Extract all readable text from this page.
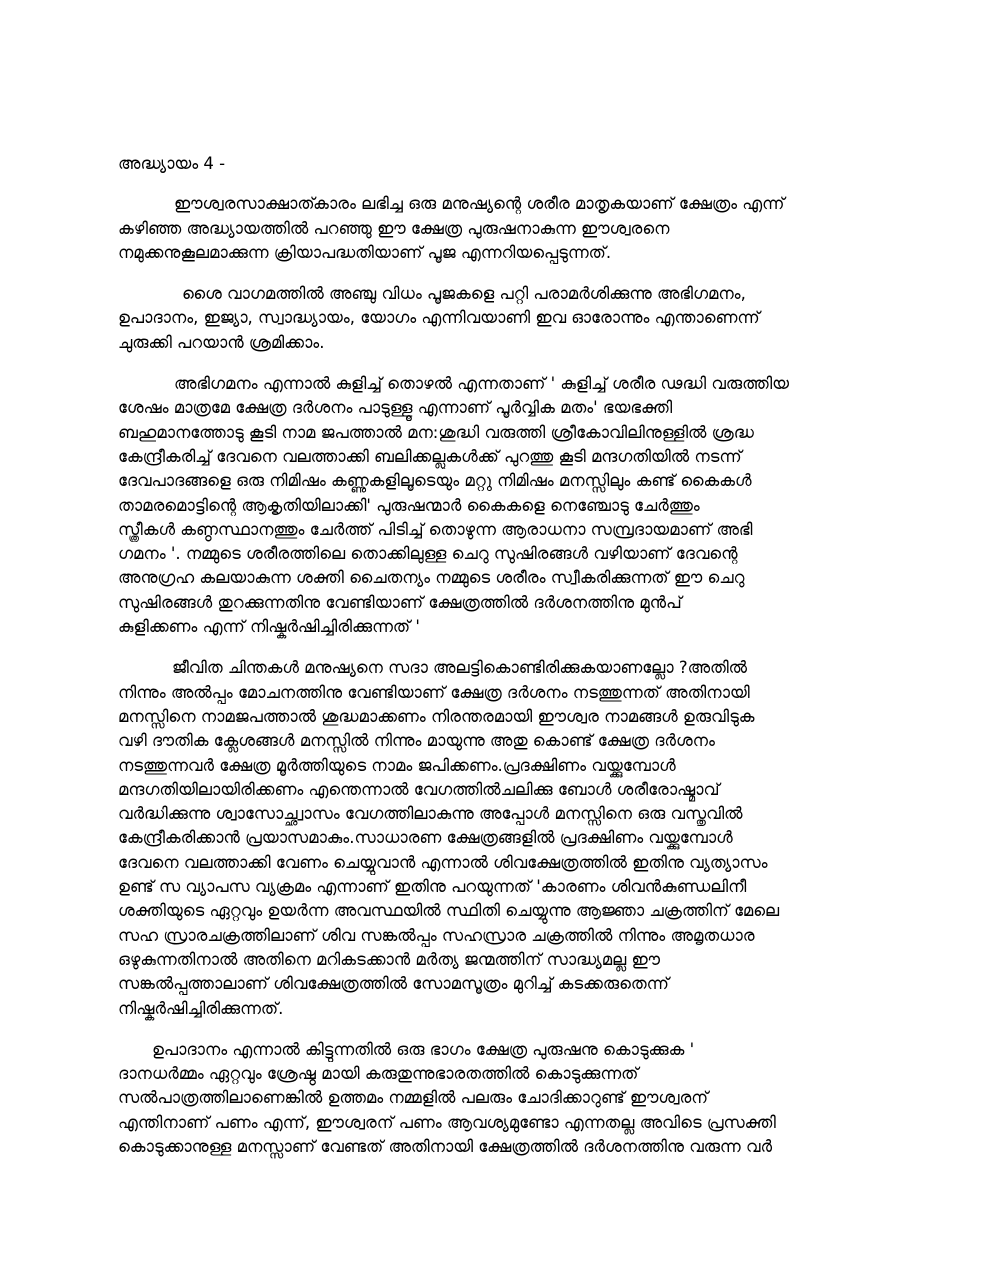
അദ്ധ്യായം 4 -
ഈശ്വരസാക്ഷാത്കാരം ലഭിച്ച ഒരു മനുഷ്യന്റെ ശരീര മാതൃകയാണ് ക്ഷേത്രം എന്ന്
കഴിഞ്ഞ അദ്ധ്യായത്തിൽ പറഞ്ഞു ഈ ക്ഷേത്ര പുരുഷനാകുന്ന ഈശ്വരനെ
നമുക്കനുകൂലമാക്കുന്ന ക്രിയാപദ്ധതിയാണ് പൂജ എന്നറിയപ്പെടുന്നത്.
ശൈ വാഗമത്തിൽ അഞ്ചു വിധം പൂജകളെ പറ്റി പരാമർശിക്കുന്നു അഭിഗമനം,
ഉപാദാനം, ഇജ്യാ, സ്വാദ്ധ്യായം, യോഗം എന്നിവയാണി ഇവ ഓരോന്നും എന്താണെന്ന്
ചുരുക്കി പറയാൻ ശ്രമിക്കാം.
അഭിഗമനം എന്നാൽ കുളിച്ച് തൊഴൽ എന്നതാണ് ' കുളിച്ച് ശരീര ഢദ്ധി വരുത്തിയ
ശേഷം മാത്രമേ ക്ഷേത്ര ദർശനം പാടുള്ളൂ എന്നാണ് പൂർവ്വിക മതം' ഭയഭക്തി
ബഹുമാനത്തോടു കൂടി നാമ ജപത്താൽ മന:ശുദ്ധി വരുത്തി ശ്രീകോവിലിനുള്ളിൽ ശ്രദ്ധ
കേന്ദ്രീകരിച്ച് ദേവനെ വലത്താക്കി ബലിക്കല്ലുകൾക്ക് പുറത്തു കൂടി മന്ദഗതിയിൽ നടന്ന്
ദേവപാദങ്ങളെ ഒരു നിമിഷം കണ്ണുകളിലൂടെയും മറ്റു നിമിഷം മനസ്സിലും കണ്ട് കൈകൾ
താമരമൊട്ടിന്റെ ആകൃതിയിലാക്കി' പുരുഷന്മാർ കൈകളെ നെഞ്ചോടു ചേർത്തും
സ്ത്രീകൾ കണ്ഠസ്ഥാനത്തും ചേർത്ത് പിടിച്ച് തൊഴുന്ന ആരാധനാ സമ്പ്രദായമാണ് അഭി
ഗമനം '. നമ്മുടെ ശരീരത്തിലെ തൊക്കിലുള്ള ചെറു സുഷിരങ്ങൾ വഴിയാണ് ദേവന്റെ
അനുഗ്രഹ കലയാകുന്ന ശക്തി ചൈതന്യം നമ്മുടെ ശരീരം സ്വീകരിക്കുന്നത് ഈ ചെറു
സുഷിരങ്ങൾ തുറക്കുന്നതിനു വേണ്ടിയാണ് ക്ഷേത്രത്തിൽ ദർശനത്തിനു മുൻപ്
കുളിക്കണം എന്ന് നിഷ്കർഷിച്ചിരിക്കുന്നത് '
ജീവിത ചിന്തകൾ മനുഷ്യനെ സദാ അലട്ടികൊണ്ടിരിക്കുകയാണല്ലോ ?അതിൽ
നിന്നും അൽപ്പം മോചനത്തിനു വേണ്ടിയാണ് ക്ഷേത്ര ദർശനം നടത്തുന്നത് അതിനായി
മനസ്സിനെ നാമജപത്താൽ ശുദ്ധമാക്കണം നിരന്തരമായി ഈശ്വര നാമങ്ങൾ ഉരുവിടുക
വഴി ദൗതിക ക്ലേശങ്ങൾ മനസ്സിൽ നിന്നും മായുന്നു അതു കൊണ്ട് ക്ഷേത്ര ദർശനം
നടത്തുന്നവർ ക്ഷേത്ര മൂർത്തിയുടെ നാമം ജപിക്കണം.പ്രദക്ഷിണം വയ്ക്കുമ്പോൾ
മന്ദഗതിയിലായിരിക്കണം എന്തെന്നാൽ വേഗത്തിൽചലിക്കു ബോൾ ശരീരോഷ്മാവ്
വർദ്ധിക്കുന്നു ശ്വാസോച്ഛ്വാസം വേഗത്തിലാകുന്നു അപ്പോൾ മനസ്സിനെ ഒരു വസ്തുവിൽ
കേന്ദ്രീകരിക്കാൻ പ്രയാസമാകും.സാധാരണ ക്ഷേത്രങ്ങളിൽ പ്രദക്ഷിണം വയ്ക്കുമ്പോൾ
ദേവനെ വലത്താക്കി വേണം ചെയ്യുവാൻ എന്നാൽ ശിവക്ഷേത്രത്തിൽ ഇതിനു വ്യത്യാസം
ഉണ്ട് സ വ്യാപസ വ്യക്രമം എന്നാണ് ഇതിനു പറയുന്നത് 'കാരണം ശിവൻകുണ്ഡലിനീ
ശക്തിയുടെ ഏറ്റവും ഉയർന്ന അവസ്ഥയിൽ സ്ഥിതി ചെയ്യുന്നു ആജ്ഞാ ചക്രത്തിന് മേലെ
സഹ സ്രാരചക്രത്തിലാണ് ശിവ സങ്കൽപ്പം സഹസ്രാര ചക്രത്തിൽ നിന്നും അമൃതധാര
ഒഴുകുന്നതിനാൽ അതിനെ മറികടക്കാൻ മർത്യ ജന്മത്തിന് സാദ്ധ്യമല്ല ഈ
സങ്കൽപ്പത്താലാണ് ശിവക്ഷേത്രത്തിൽ സോമസൂത്രം മുറിച്ച് കടക്കരുതെന്ന്
നിഷ്കർഷിച്ചിരിക്കുന്നത്.
ഉപാദാനം എന്നാൽ കിട്ടുന്നതിൽ ഒരു ഭാഗം ക്ഷേത്ര പുരുഷനു കൊടുക്കുക '
ദാനധർമ്മം ഏറ്റവും ശ്രേഷ്ഠ മായി കരുതുന്നുഭാരതത്തിൽ കൊടുക്കുന്നത്
സൽപാത്രത്തിലാണെങ്കിൽ ഉത്തമം നമ്മളിൽ പലരും ചോദിക്കാറുണ്ട് ഈശ്വരന്
എന്തിനാണ് പണം എന്ന്, ഈശ്വരന് പണം ആവശ്യമുണ്ടോ എന്നതല്ല അവിടെ പ്രസക്തി
കൊടുക്കാനുള്ള മനസ്സാണ് വേണ്ടത് അതിനായി ക്ഷേത്രത്തിൽ ദർശനത്തിനു വരുന്ന വർ
